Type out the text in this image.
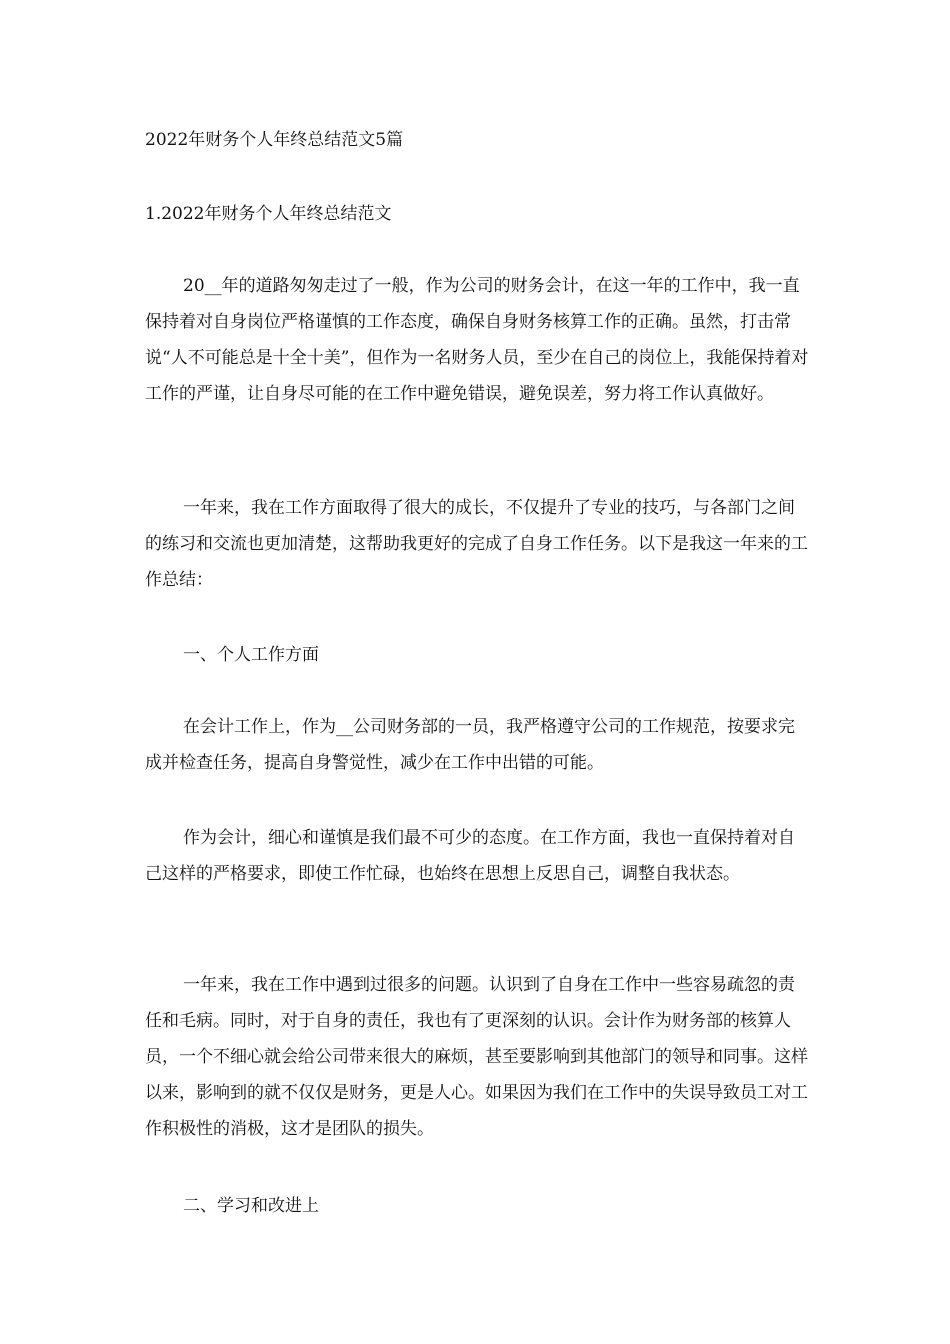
2022年财务个人年终总结范文5篇

1.2022年财务个人年终总结范文

20__年的道路匆匆走过了一般，作为公司的财务会计，在这一年的工作中，我一直保持着对自身岗位严格谨慎的工作态度，确保自身财务核算工作的正确。虽然，打击常说“人不可能总是十全十美”，但作为一名财务人员，至少在自己的岗位上，我能保持着对工作的严谨，让自身尽可能的在工作中避免错误，避免误差，努力将工作认真做好。

一年来，我在工作方面取得了很大的成长，不仅提升了专业的技巧，与各部门之间的练习和交流也更加清楚，这帮助我更好的完成了自身工作任务。以下是我这一年来的工作总结：

一、个人工作方面

在会计工作上，作为__公司财务部的一员，我严格遵守公司的工作规范，按要求完成并检查任务，提高自身警觉性，减少在工作中出错的可能。

作为会计，细心和谨慎是我们最不可少的态度。在工作方面，我也一直保持着对自己这样的严格要求，即使工作忙碌，也始终在思想上反思自己，调整自我状态。

一年来，我在工作中遇到过很多的问题。认识到了自身在工作中一些容易疏忽的责任和毛病。同时，对于自身的责任，我也有了更深刻的认识。会计作为财务部的核算人员，一个不细心就会给公司带来很大的麻烦，甚至要影响到其他部门的领导和同事。这样以来，影响到的就不仅仅是财务，更是人心。如果因为我们在工作中的失误导致员工对工作积极性的消极，这才是团队的损失。

二、学习和改进上
